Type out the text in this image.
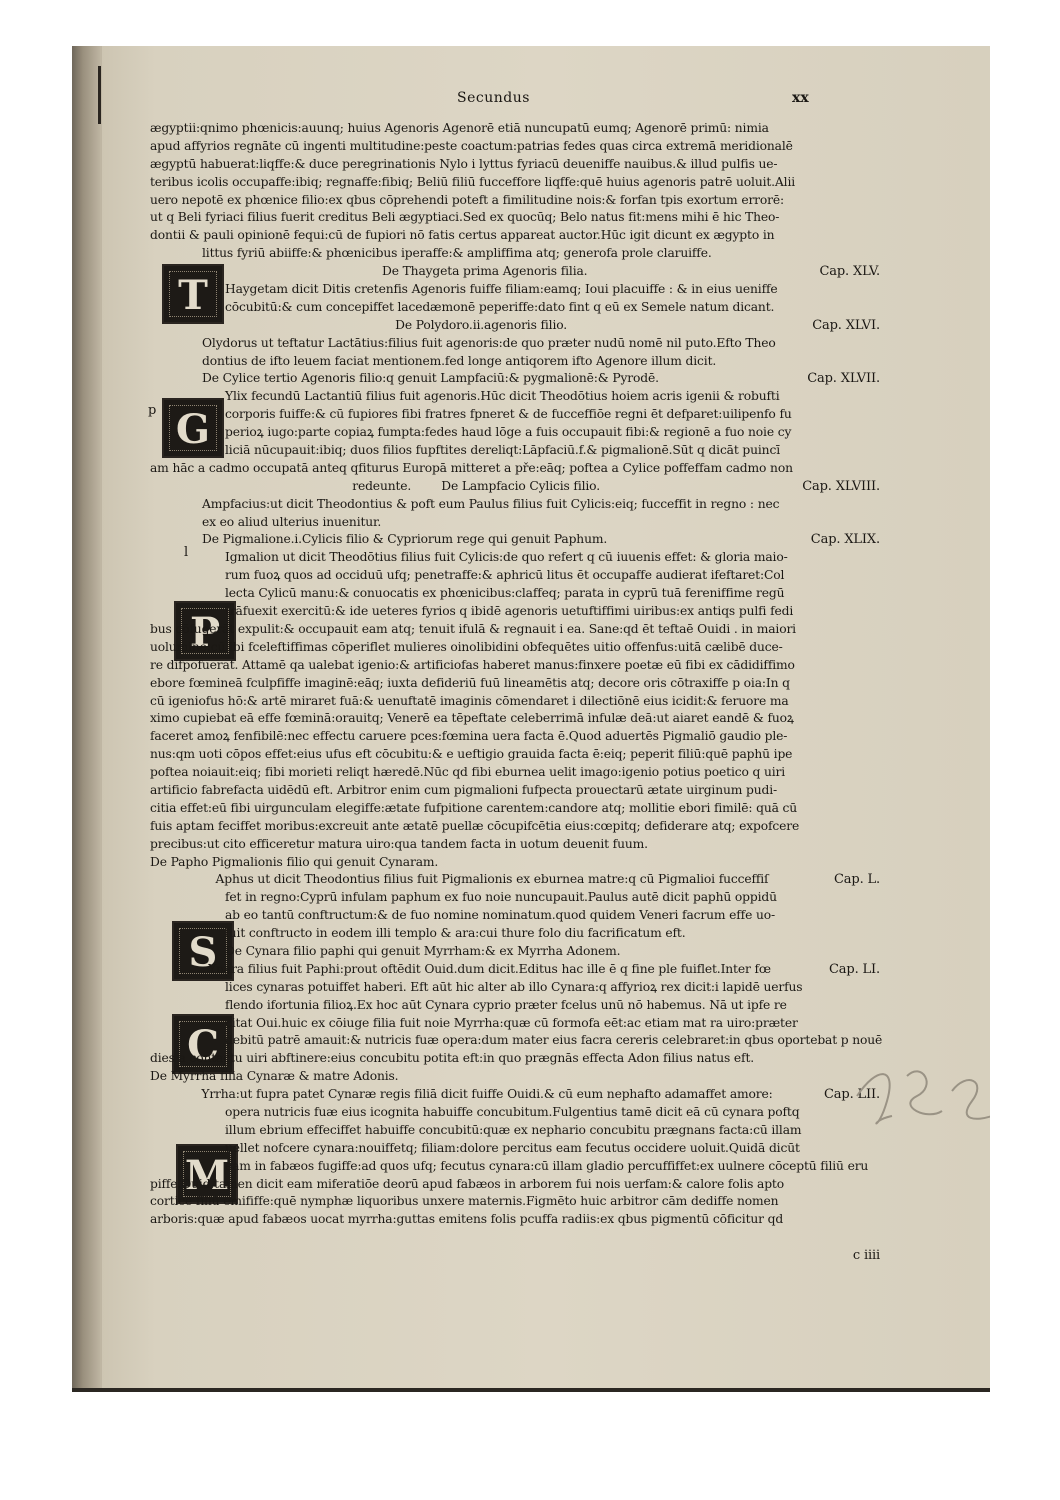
Secundus	xx
p
l
T
G
P
S
C
M
ægyptii:qnimo phœnicis:auunq; huius Agenoris Agenorē etiā nuncupatū eumq; Agenorē primū: nimia
apud affyrios regnāte cū ingenti multitudine:peste coactum:patrias fedes quas circa extremā meridionalē
ægyptū habuerat:liqffe:& duce peregrinationis Nylo i lyttus fyriacū deueniffe nauibus.& illud pulfis ue-
teribus icolis occupaffe:ibiq; regnaffe:fibiq; Beliū filiū fucceffore liqffe:quē huius agenoris patrē uoluit.Alii
uero nepotē ex phœnice filio:ex qbus cōprehendi poteft a fimilitudine nois:& forfan tpis exortum errorē:
ut q Beli fyriaci filius fuerit creditus Beli ægyptiaci.Sed ex quocūq; Belo natus fit:mens mihi ē hic Theo-
dontii & pauli opinionē fequi:cū de fupiori nō fatis certus appareat auctor.Hūc igit dicunt ex ægypto in
littus fyriū abiiffe:& phœnicibus iperaffe:& ampliffima atq; generofa prole claruiffe.
De Thaygeta prima Agenoris filia.	Cap. XLV.
Haygetam dicit Ditis cretenfis Agenoris fuiffe filiam:eamq; Ioui placuiffe : & in eius ueniffe
cōcubitū:& cum concepiffet lacedæmonē peperiffe:dato fint q eū ex Semele natum dicant.
De Polydoro.ii.agenoris filio.	Cap. XLVI.
Olydorus ut teftatur Lactātius:filius fuit agenoris:de quo præter nudū nomē nil puto.Efto Theo
dontius de ifto leuem faciat mentionem.fed longe antiqorem ifto Agenore illum dicit.
De Cylice tertio Agenoris filio:q genuit Lampfaciū:& pygmalionē:& Pyrodē.	Cap. XLVII.
Ylix fecundū Lactantiū filius fuit agenoris.Hūc dicit Theodōtius hoiem acris igenii & robufti
corporis fuiffe:& cū fupiores fibi fratres fpneret & de fucceffiōe regni ēt defparet:uilipenfo fu
perioꝝ iugo:parte copiaꝝ fumpta:fedes haud lōge a fuis occupauit fibi:& regionē a fuo noie cy
liciā nūcupauit:ibiq; duos filios fupftites dereliqt:Lāpfaciū.f.& pigmalionē.Sūt q dicāt puincī
am hāc a cadmo occupatā anteq qfiturus Europā mitteret a pře:eāq; poftea a Cylice poffeffam cadmo non
redeunte. De Lampfacio Cylicis filio.	Cap. XLVIII.
Ampfacius:ut dicit Theodontius & poft eum Paulus filius fuit Cylicis:eiq; fucceffit in regno : nec
ex eo aliud ulterius inuenitur.
De Pigmalione.i.Cylicis filio & Cypriorum rege qui genuit Paphum.	Cap. XLIX.
Igmalion ut dicit Theodōtius filius fuit Cylicis:de quo refert q cū iuuenis effet: & gloria maio-
rum fuoꝝ quos ad occiduū ufq; penetraffe:& aphricū litus ēt occupaffe audierat ifeftaret:Col
lecta Cylicū manu:& conuocatis ex phœnicibus:claffeq; parata in cyprū tuā fereniffime regū
trāfuexit exercitū:& ide ueteres fyrios q ibidē agenoris uetuftiffimi uiribus:ex antiqs pulfi fedi
bus cōfugerāt expulit:& occupauit eam atq; tenuit ifulā & regnauit i ea. Sane:qd ēt teftaē Ouidi . in maiori
uolumine:cū ibi fceleftiffimas cōperiflet mulieres oinolibidini obfequētes uitio offenfus:uitā cælibē duce-
re difpofuerat. Attamē qa ualebat igenio:& artificiofas haberet manus:finxere poetæ eū fibi ex cādidiffimo
ebore fœmineā fculpfiffe imaginē:eāq; iuxta defideriū fuū lineamētis atq; decore oris cōtraxiffe p oia:In q
cū igeniofus hō:& artē miraret fuā:& uenuftatē imaginis cōmendaret i dilectiōnē eius icidit:& feruore ma
ximo cupiebat eā effe fœminā:orauitq; Venerē ea tēpeftate celeberrimā infulæ deā:ut aiaret eandē & fuoꝝ
faceret amoꝝ fenfibilē:nec effectu caruere pces:fœmina uera facta ē.Quod aduertēs Pigmaliō gaudio ple-
nus:qm uoti cōpos effet:eius ufus eft cōcubitu:& e ueftigio grauida facta ē:eiq; peperit filiū:quē paphū ipe
poftea noiauit:eiq; fibi morieti reliqt hæredē.Nūc qd fibi eburnea uelit imago:igenio potius poetico q uiri
artificio fabrefacta uidēdū eft. Arbitror enim cum pigmalioni fufpecta prouectarū ætate uirginum pudi-
citia effet:eū fibi uirgunculam elegiffe:ætate fufpitione carentem:candore atq; mollitie ebori fimilē: quā cū
fuis aptam feciffet moribus:excreuit ante ætatē puellæ cōcupifcētia eius:cœpitq; defiderare atq; expofcere
precibus:ut cito efficeretur matura uiro:qua tandem facta in uotum deuenit fuum.
De Papho Pigmalionis filio qui genuit Cynaram.
Aphus ut dicit Theodontius filius fuit Pigmalionis ex eburnea matre:q cū Pigmalioi fucceffiſ	Cap. L.
fet in regno:Cyprū infulam paphum ex fuo noie nuncupauit.Paulus autē dicit paphū oppidū
ab eo tantū conftructum:& de fuo nomine nominatum.quod quidem Veneri facrum effe uo-
luit conftructo in eodem illi templo & ara:cui thure folo diu facrificatum eft.
De Cynara filio paphi qui genuit Myrrham:& ex Myrrha Adonem.
Ynara filius fuit Paphi:prout oftēdit Ouid.dum dicit.Editus hac ille ē q fine ple fuiflet.Inter fœ	Cap. LI.
lices cynaras potuiffet haberi. Eft aūt hic alter ab illo Cynara:q affyrioꝝ rex dicit:i lapidē uerfus
flendo ifortunia filioꝝ.Ex hoc aūt Cynara cyprio præter fcelus unū nō habemus. Nā ut ipfe re
citat Oui.huic ex cōiuge filia fuit noie Myrrha:quæ cū formofa eēt:ac etiam mat ra uiro:præter
debitū patrē amauit:& nutricis fuæ opera:dum mater eius facra cereris celebraret:in qbus oportebat p nouē
dies a contactu uiri abftinere:eius concubitu potita eft:in quo prægnās effecta Adon filius natus eft.
De Myrrha filia Cynaræ & matre Adonis.
Yrrha:ut fupra patet Cynaræ regis filiā dicit fuiffe Ouidi.& cū eum nephafto adamaffet amore:	Cap. LII.
opera nutricis fuæ eius icognita habuiffe concubitum.Fulgentius tamē dicit eā cū cynara poftq
illum ebrium effeciffet habuiffe concubitū:quæ ex nephario concubitu prægnans facta:cū illam
uellet nofcere cynara:nouiffetq; filiam:dolore percitus eam fecutus occidere uoluit.Quidā dicūt
eam in fabæos fugiffe:ad quos ufq; fecutus cynara:cū illam gladio percuffiffet:ex uulnere cōceptū filiū eru
piffe.Ouid.tamen dicit eam miferatiōe deorū apud fabæos in arborem fui nois uerfam:& calore folis apto
cortice filiū emififfe:quē nymphæ liquoribus unxere maternis.Figmēto huic arbitror cām dediffe nomen
arboris:quæ apud fabæos uocat myrrha:guttas emitens folis pcuffa radiis:ex qbus pigmentū cōficitur qd
c iiii
